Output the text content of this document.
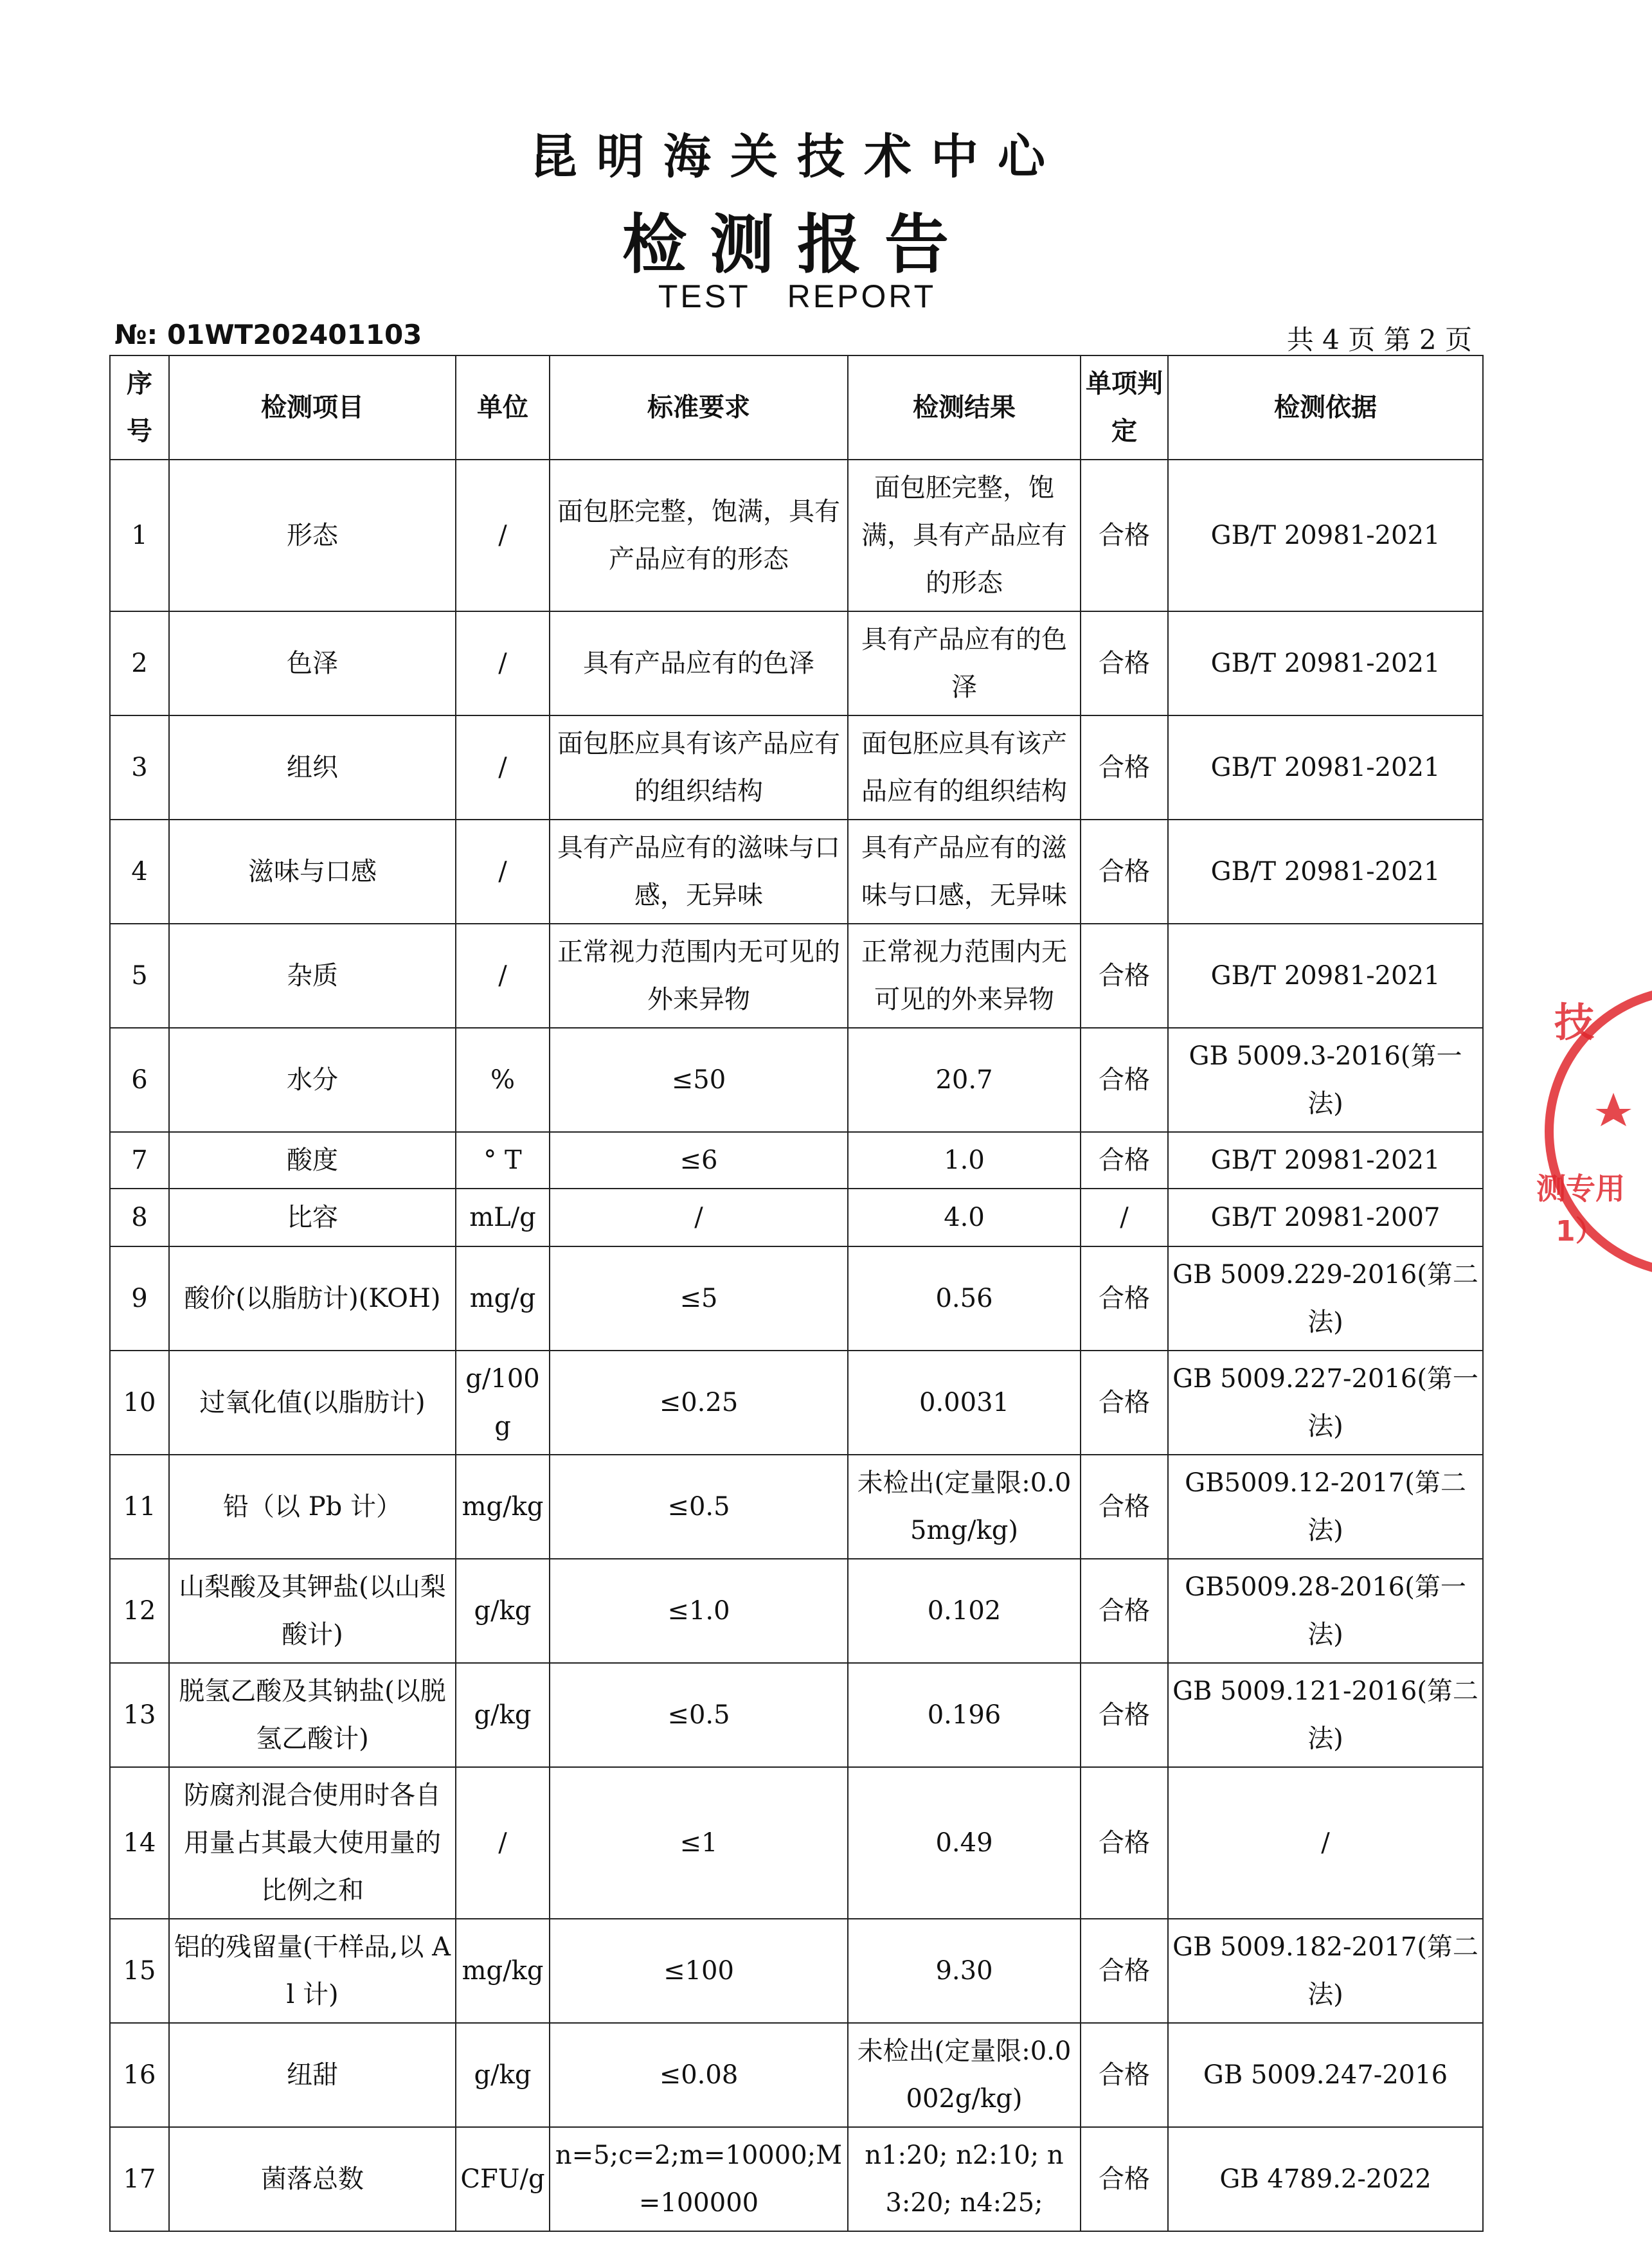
昆明海关技术中心
检测报告
TEST REPORT
№: 01WT202401103	共 4 页 第 2 页
序号	检测项目	单位	标准要求	检测结果	单项判定	检测依据
1	形态	/	面包胚完整，饱满，具有产品应有的形态	面包胚完整，饱满，具有产品应有的形态	合格	GB/T 20981-2021
2	色泽	/	具有产品应有的色泽	具有产品应有的色泽	合格	GB/T 20981-2021
3	组织	/	面包胚应具有该产品应有的组织结构	面包胚应具有该产品应有的组织结构	合格	GB/T 20981-2021
4	滋味与口感	/	具有产品应有的滋味与口感，无异味	具有产品应有的滋味与口感，无异味	合格	GB/T 20981-2021
5	杂质	/	正常视力范围内无可见的外来异物	正常视力范围内无可见的外来异物	合格	GB/T 20981-2021
6	水分	%	≤50	20.7	合格	GB 5009.3-2016(第一法)
7	酸度	° T	≤6	1.0	合格	GB/T 20981-2021
8	比容	mL/g	/	4.0	/	GB/T 20981-2007
9	酸价(以脂肪计)(KOH)	mg/g	≤5	0.56	合格	GB 5009.229-2016(第二法)
10	过氧化值(以脂肪计)	g/100g	≤0.25	0.0031	合格	GB 5009.227-2016(第一法)
11	铅（以 Pb 计）	mg/kg	≤0.5	未检出(定量限:0.05mg/kg)	合格	GB5009.12-2017(第二法)
12	山梨酸及其钾盐(以山梨酸计)	g/kg	≤1.0	0.102	合格	GB5009.28-2016(第一法)
13	脱氢乙酸及其钠盐(以脱氢乙酸计)	g/kg	≤0.5	0.196	合格	GB 5009.121-2016(第二法)
14	防腐剂混合使用时各自用量占其最大使用量的比例之和	/	≤1	0.49	合格	/
15	铝的残留量(干样品,以 Al 计)	mg/kg	≤100	9.30	合格	GB 5009.182-2017(第二法)
16	纽甜	g/kg	≤0.08	未检出(定量限:0.0002g/kg)	合格	GB 5009.247-2016
17	菌落总数	CFU/g	n=5;c=2;m=10000;M=100000	n1:20; n2:10; n3:20; n4:25;	合格	GB 4789.2-2022
技
测专用
1）
